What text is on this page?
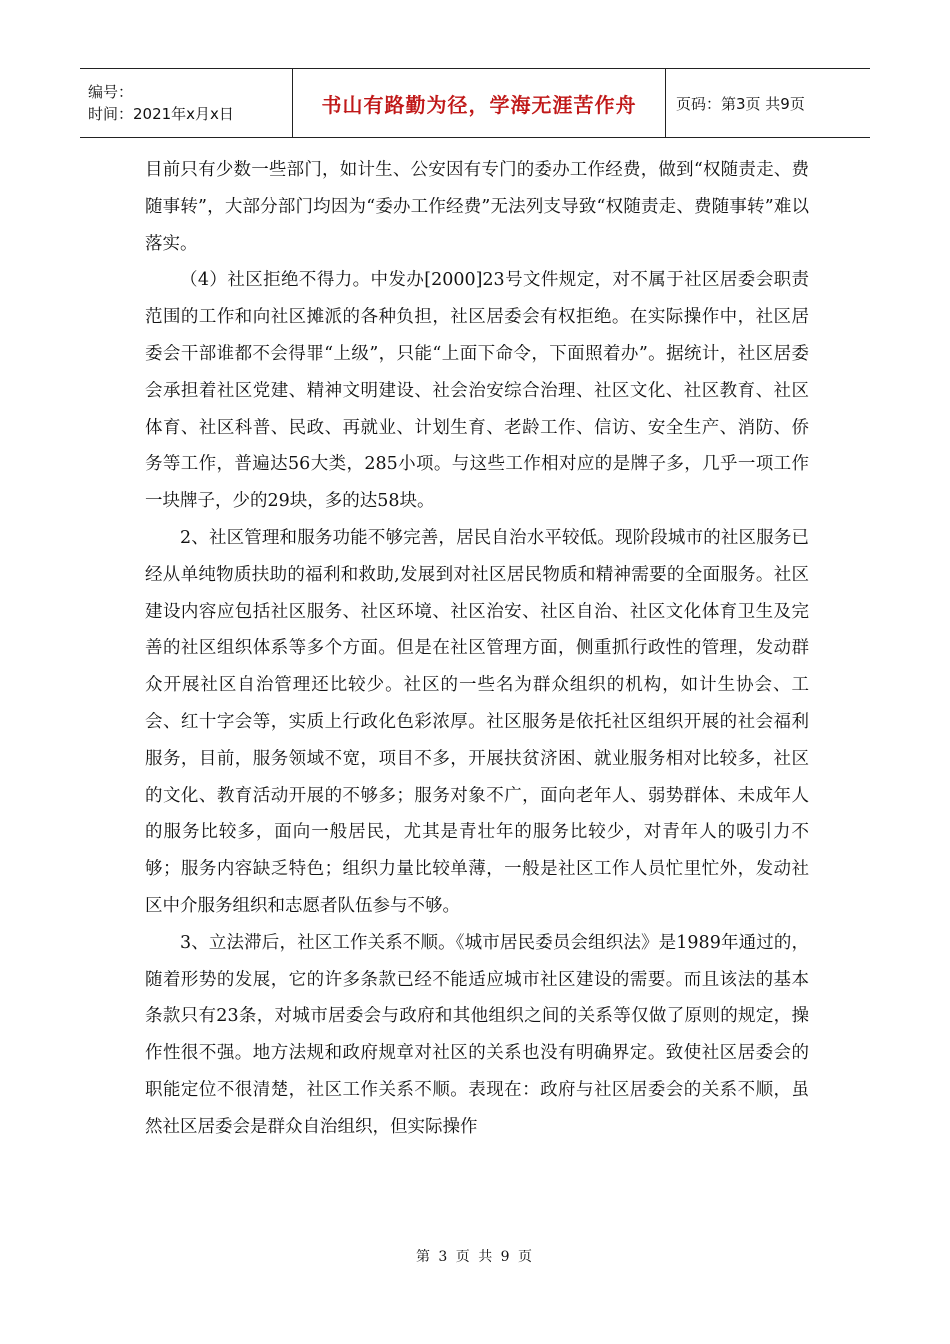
编号：
时间：2021年x月x日	书山有路勤为径，学海无涯苦作舟	页码：第3页 共9页

目前只有少数一些部门，如计生、公安因有专门的委办工作经费，做到“权随责走、费随事转”，大部分部门均因为“委办工作经费”无法列支导致“权随责走、费随事转”难以落实。

（4）社区拒绝不得力。中发办[2000]23号文件规定，对不属于社区居委会职责范围的工作和向社区摊派的各种负担，社区居委会有权拒绝。在实际操作中，社区居委会干部谁都不会得罪“上级”，只能“上面下命令，下面照着办”。据统计，社区居委会承担着社区党建、精神文明建设、社会治安综合治理、社区文化、社区教育、社区体育、社区科普、民政、再就业、计划生育、老龄工作、信访、安全生产、消防、侨务等工作，普遍达56大类，285小项。与这些工作相对应的是牌子多，几乎一项工作一块牌子，少的29块，多的达58块。

2、社区管理和服务功能不够完善，居民自治水平较低。现阶段城市的社区服务已经从单纯物质扶助的福利和救助,发展到对社区居民物质和精神需要的全面服务。社区建设内容应包括社区服务、社区环境、社区治安、社区自治、社区文化体育卫生及完善的社区组织体系等多个方面。但是在社区管理方面，侧重抓行政性的管理，发动群众开展社区自治管理还比较少。社区的一些名为群众组织的机构，如计生协会、工会、红十字会等，实质上行政化色彩浓厚。社区服务是依托社区组织开展的社会福利服务，目前，服务领域不宽，项目不多，开展扶贫济困、就业服务相对比较多，社区的文化、教育活动开展的不够多；服务对象不广，面向老年人、弱势群体、未成年人的服务比较多，面向一般居民，尤其是青壮年的服务比较少，对青年人的吸引力不够；服务内容缺乏特色；组织力量比较单薄，一般是社区工作人员忙里忙外，发动社区中介服务组织和志愿者队伍参与不够。

3、立法滞后，社区工作关系不顺。《城市居民委员会组织法》是1989年通过的，随着形势的发展，它的许多条款已经不能适应城市社区建设的需要。而且该法的基本条款只有23条，对城市居委会与政府和其他组织之间的关系等仅做了原则的规定，操作性很不强。地方法规和政府规章对社区的关系也没有明确界定。致使社区居委会的职能定位不很清楚，社区工作关系不顺。表现在：政府与社区居委会的关系不顺，虽然社区居委会是群众自治组织，但实际操作

第 3 页 共 9 页
